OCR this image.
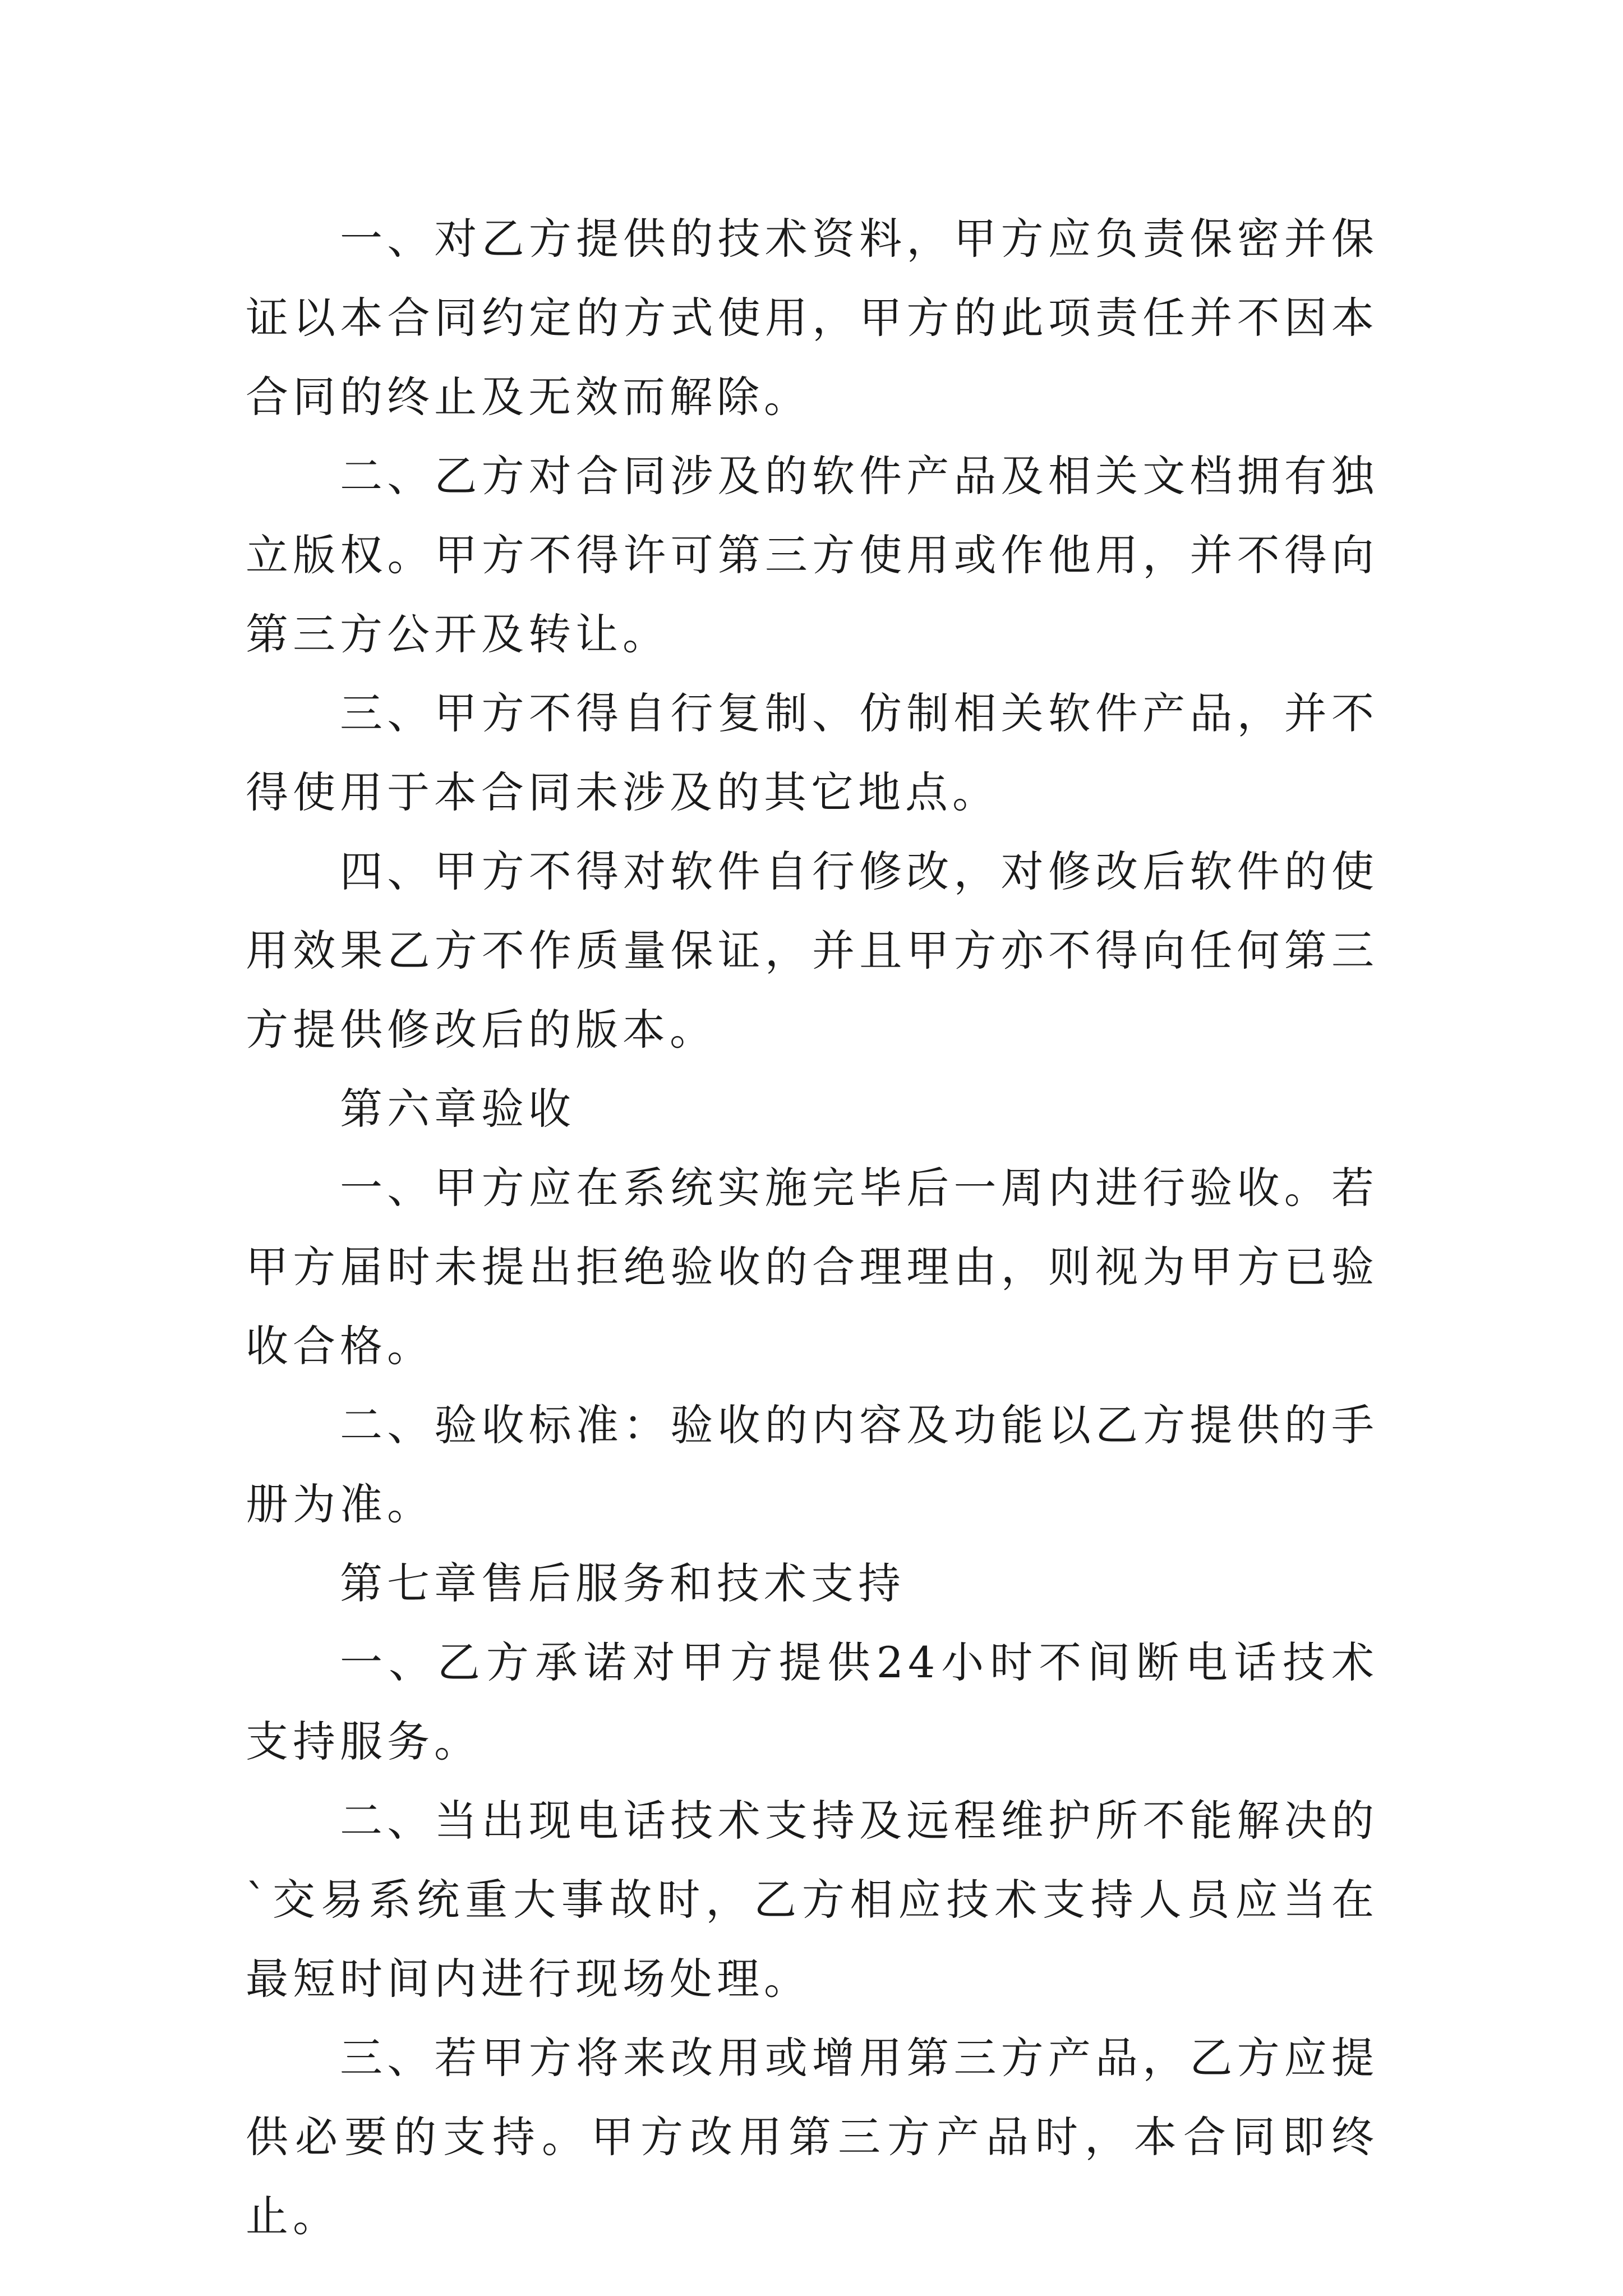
一、对乙方提供的技术资料，甲方应负责保密并保证以本合同约定的方式使用，甲方的此项责任并不因本合同的终止及无效而解除。

二、乙方对合同涉及的软件产品及相关文档拥有独立版权。甲方不得许可第三方使用或作他用，并不得向第三方公开及转让。

三、甲方不得自行复制、仿制相关软件产品，并不得使用于本合同未涉及的其它地点。

四、甲方不得对软件自行修改，对修改后软件的使用效果乙方不作质量保证，并且甲方亦不得向任何第三方提供修改后的版本。

第六章验收

一、甲方应在系统实施完毕后一周内进行验收。若甲方届时未提出拒绝验收的合理理由，则视为甲方已验收合格。

二、验收标准：验收的内容及功能以乙方提供的手册为准。

第七章售后服务和技术支持

一、乙方承诺对甲方提供24小时不间断电话技术支持服务。

二、当出现电话技术支持及远程维护所不能解决的`交易系统重大事故时，乙方相应技术支持人员应当在最短时间内进行现场处理。

三、若甲方将来改用或增用第三方产品，乙方应提供必要的支持。甲方改用第三方产品时，本合同即终止。
